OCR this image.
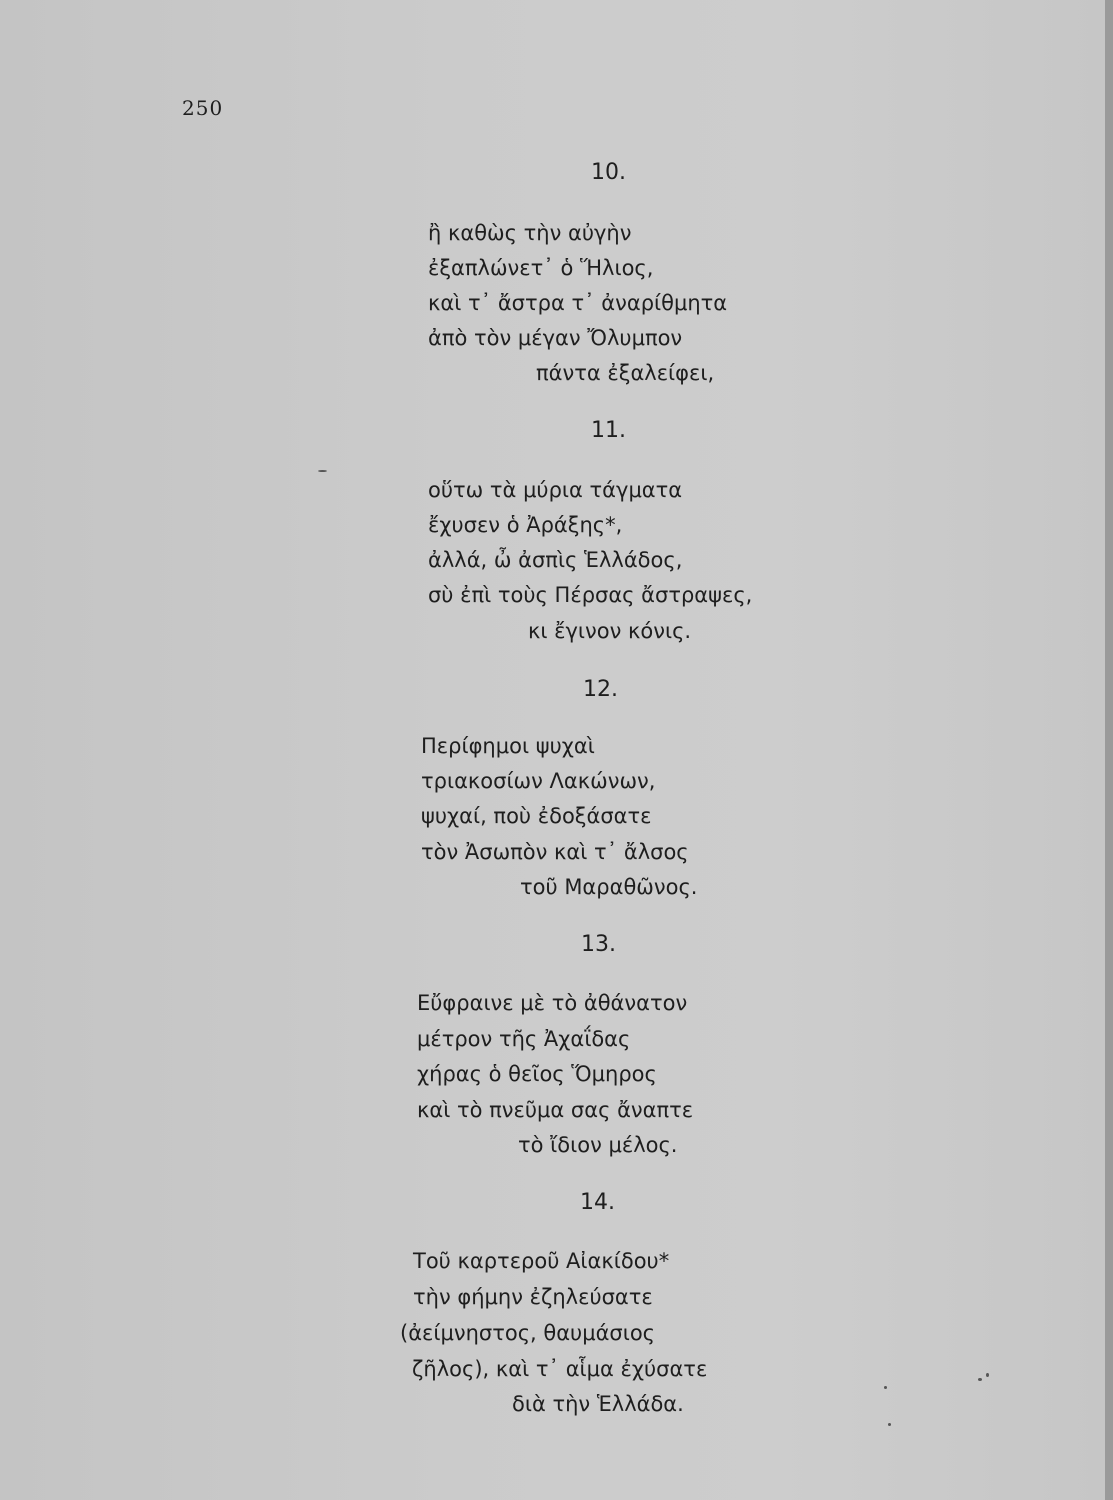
250
10.
ἢ καθὼς τὴν αὐγὴν
ἐξαπλώνετ᾽ ὁ Ἥλιος,
καὶ τ᾽ ἄστρα τ᾽ ἀναρίθμητα
ἀπὸ τὸν μέγαν Ὄλυμπον
πάντα ἐξαλείφει,
11.
οὕτω τὰ μύρια τάγματα
ἔχυσεν ὁ Ἀράξης*,
ἀλλά, ὦ ἀσπὶς Ἑλλάδος,
σὺ ἐπὶ τοὺς Πέρσας ἄστραψες,
κι ἔγινον κόνις.
12.
Περίφημοι ψυχαὶ
τριακοσίων Λακώνων,
ψυχαί, ποὺ ἐδοξάσατε
τὸν Ἀσωπὸν καὶ τ᾽ ἄλσος
τοῦ Μαραθῶνος.
13.
Εὔφραινε μὲ τὸ ἀθάνατον
μέτρον τῆς Ἀχαΐδας
χήρας ὁ θεῖος Ὅμηρος
καὶ τὸ πνεῦμα σας ἄναπτε
τὸ ἴδιον μέλος.
14.
Τοῦ καρτεροῦ Αἰακίδου*
τὴν φήμην ἐζηλεύσατε
(ἀείμνηστος, θαυμάσιος
ζῆλος), καὶ τ᾽ αἷμα ἐχύσατε
διὰ τὴν Ἑλλάδα.
